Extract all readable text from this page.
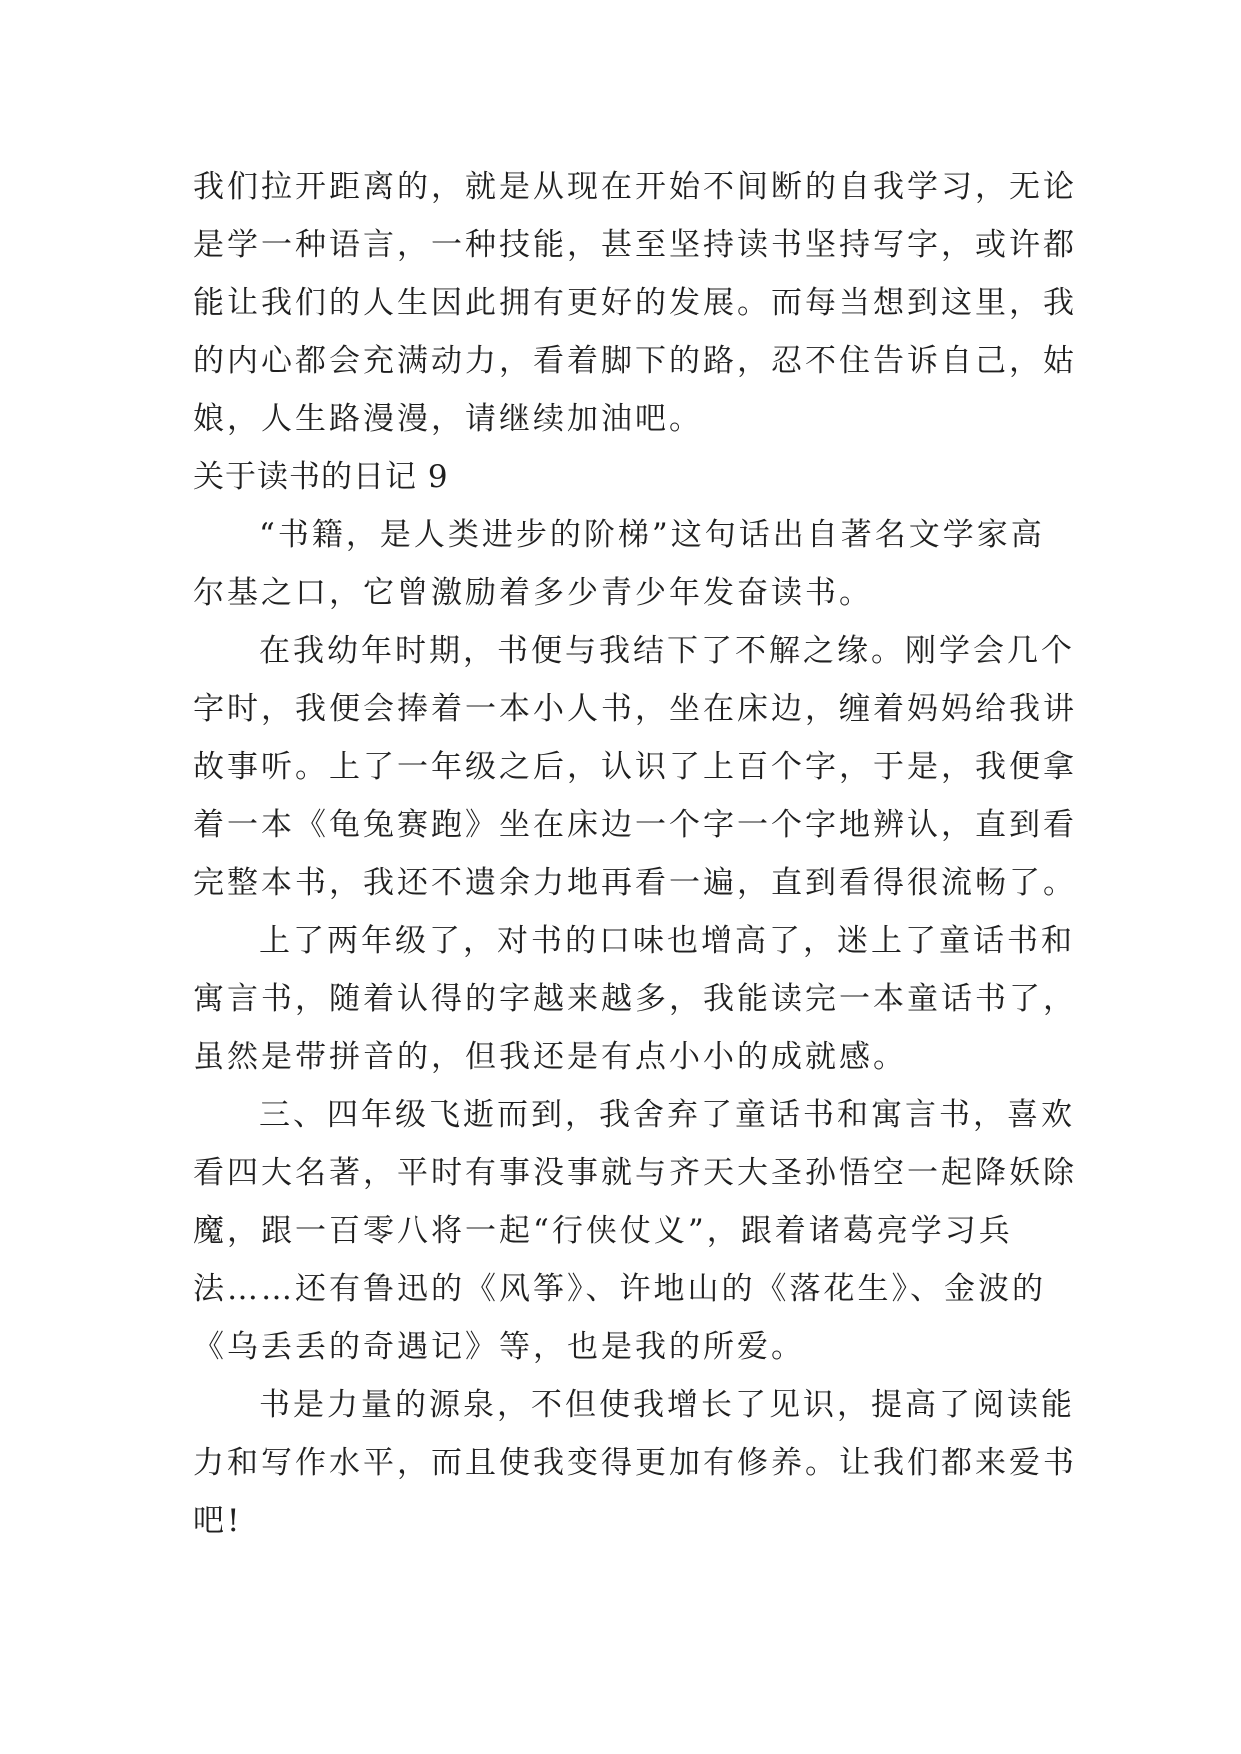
我们拉开距离的，就是从现在开始不间断的自我学习，无论
是学一种语言，一种技能，甚至坚持读书坚持写字，或许都
能让我们的人生因此拥有更好的发展。而每当想到这里，我
的内心都会充满动力，看着脚下的路，忍不住告诉自己，姑
娘，人生路漫漫，请继续加油吧。
关于读书的日记 9
“书籍，是人类进步的阶梯”这句话出自著名文学家高
尔基之口，它曾激励着多少青少年发奋读书。
在我幼年时期，书便与我结下了不解之缘。刚学会几个
字时，我便会捧着一本小人书，坐在床边，缠着妈妈给我讲
故事听。上了一年级之后，认识了上百个字，于是，我便拿
着一本《龟兔赛跑》坐在床边一个字一个字地辨认，直到看
完整本书，我还不遗余力地再看一遍，直到看得很流畅了。
上了两年级了，对书的口味也增高了，迷上了童话书和
寓言书，随着认得的字越来越多，我能读完一本童话书了，
虽然是带拼音的，但我还是有点小小的成就感。
三、四年级飞逝而到，我舍弃了童话书和寓言书，喜欢
看四大名著，平时有事没事就与齐天大圣孙悟空一起降妖除
魔，跟一百零八将一起“行侠仗义”，跟着诸葛亮学习兵
法……还有鲁迅的《风筝》、许地山的《落花生》、金波的
《乌丢丢的奇遇记》等，也是我的所爱。
书是力量的源泉，不但使我增长了见识，提高了阅读能
力和写作水平，而且使我变得更加有修养。让我们都来爱书
吧!
